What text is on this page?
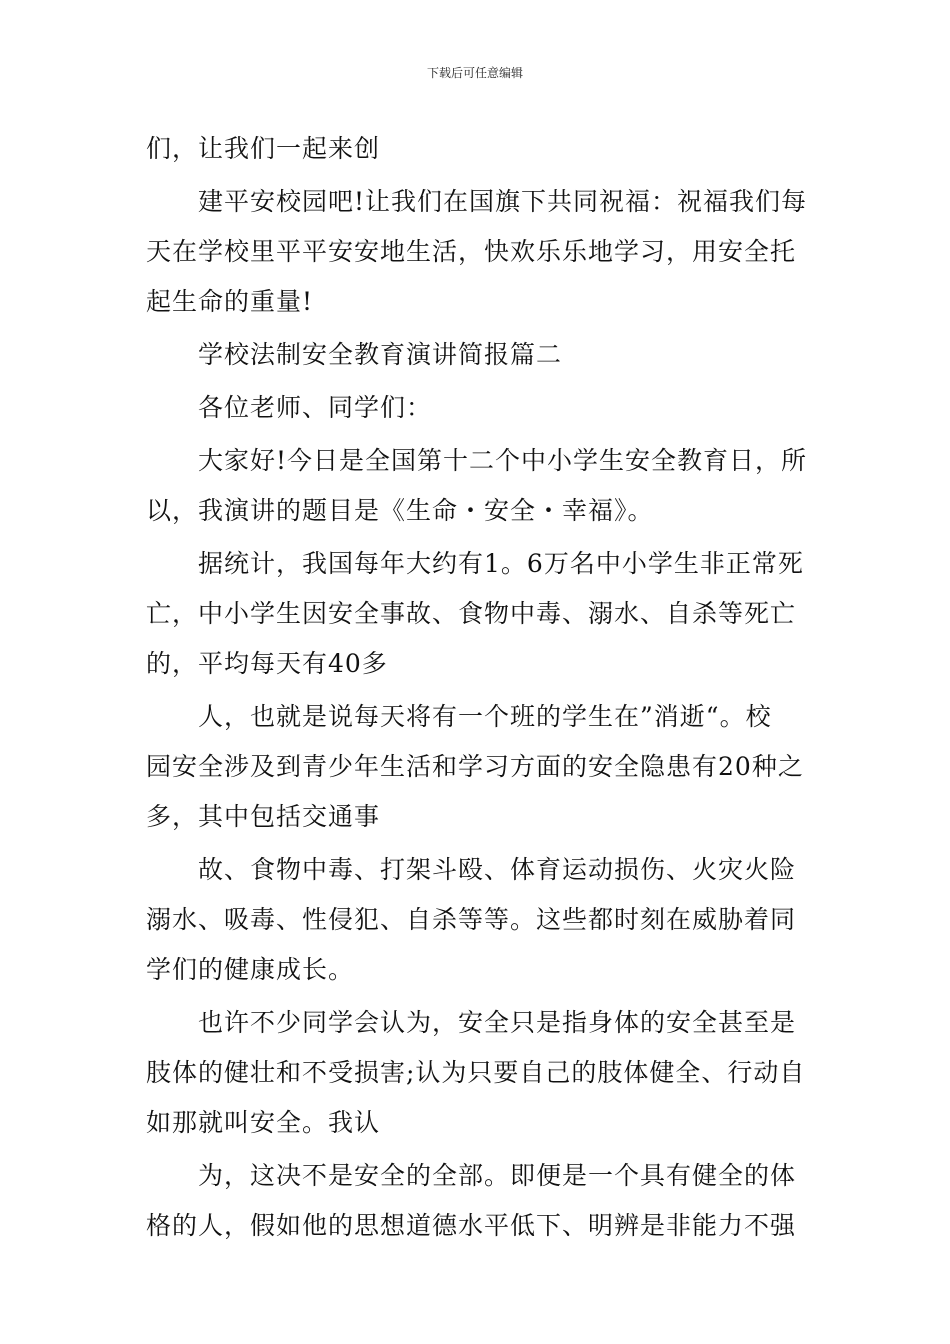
下载后可任意编辑
们，让我们一起来创
建平安校园吧!让我们在国旗下共同祝福：祝福我们每
天在学校里平平安安地生活，快欢乐乐地学习，用安全托
起生命的重量!
学校法制安全教育演讲简报篇二
各位老师、同学们：
大家好!今日是全国第十二个中小学生安全教育日，所
以，我演讲的题目是《生命・安全・幸福》。
据统计，我国每年大约有1。6万名中小学生非正常死
亡，中小学生因安全事故、食物中毒、溺水、自杀等死亡
的，平均每天有40多
人，也就是说每天将有一个班的学生在”消逝“。校
园安全涉及到青少年生活和学习方面的安全隐患有20种之
多，其中包括交通事
故、食物中毒、打架斗殴、体育运动损伤、火灾火险
溺水、吸毒、性侵犯、自杀等等。这些都时刻在威胁着同
学们的健康成长。
也许不少同学会认为，安全只是指身体的安全甚至是
肢体的健壮和不受损害;认为只要自己的肢体健全、行动自
如那就叫安全。我认
为，这决不是安全的全部。即便是一个具有健全的体
格的人，假如他的思想道德水平低下、明辨是非能力不强
